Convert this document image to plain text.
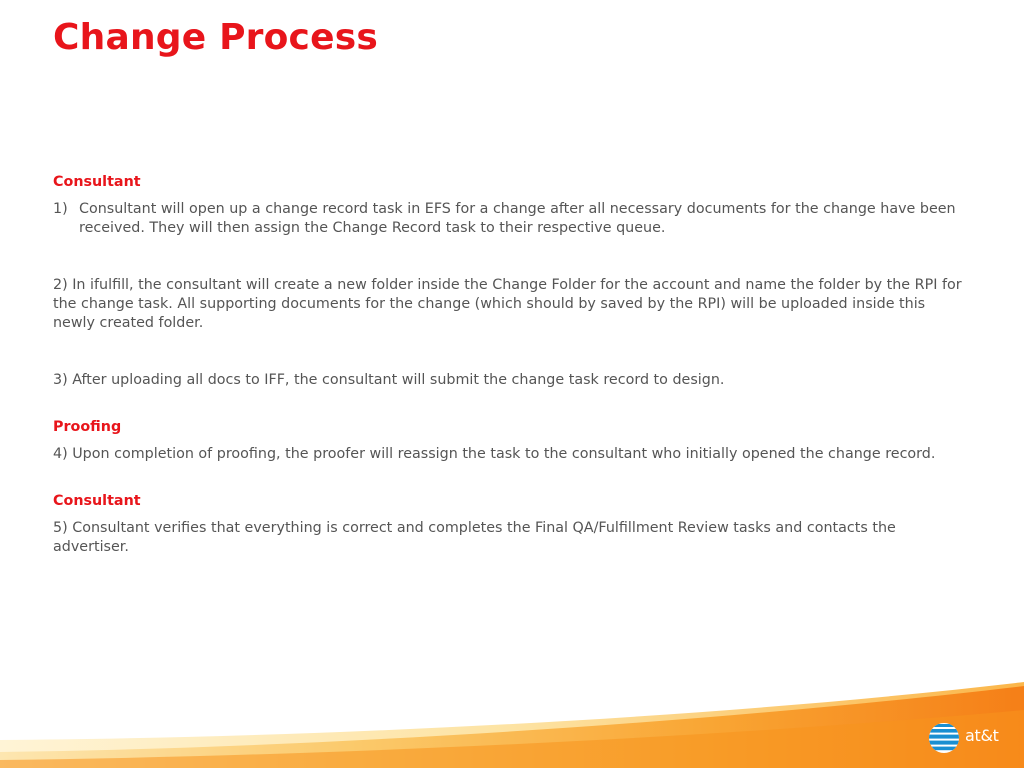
Change Process
Consultant
1) Consultant will open up a change record task in EFS for a change after all necessary documents for the change have been received. They will then assign the Change Record task to their respective queue.

2) In ifulfill, the consultant will create a new folder inside the Change Folder for the account and name the folder by the RPI for the change task. All supporting documents for the change (which should by saved by the RPI) will be uploaded inside this newly created folder.

3) After uploading all docs to IFF, the consultant will submit the change task record to design.

Proofing

4) Upon completion of proofing, the proofer will reassign the task to the consultant who initially opened the change record.

Consultant

5) Consultant verifies that everything is correct and completes the Final QA/Fulfillment Review tasks and contacts the advertiser.

at&t
